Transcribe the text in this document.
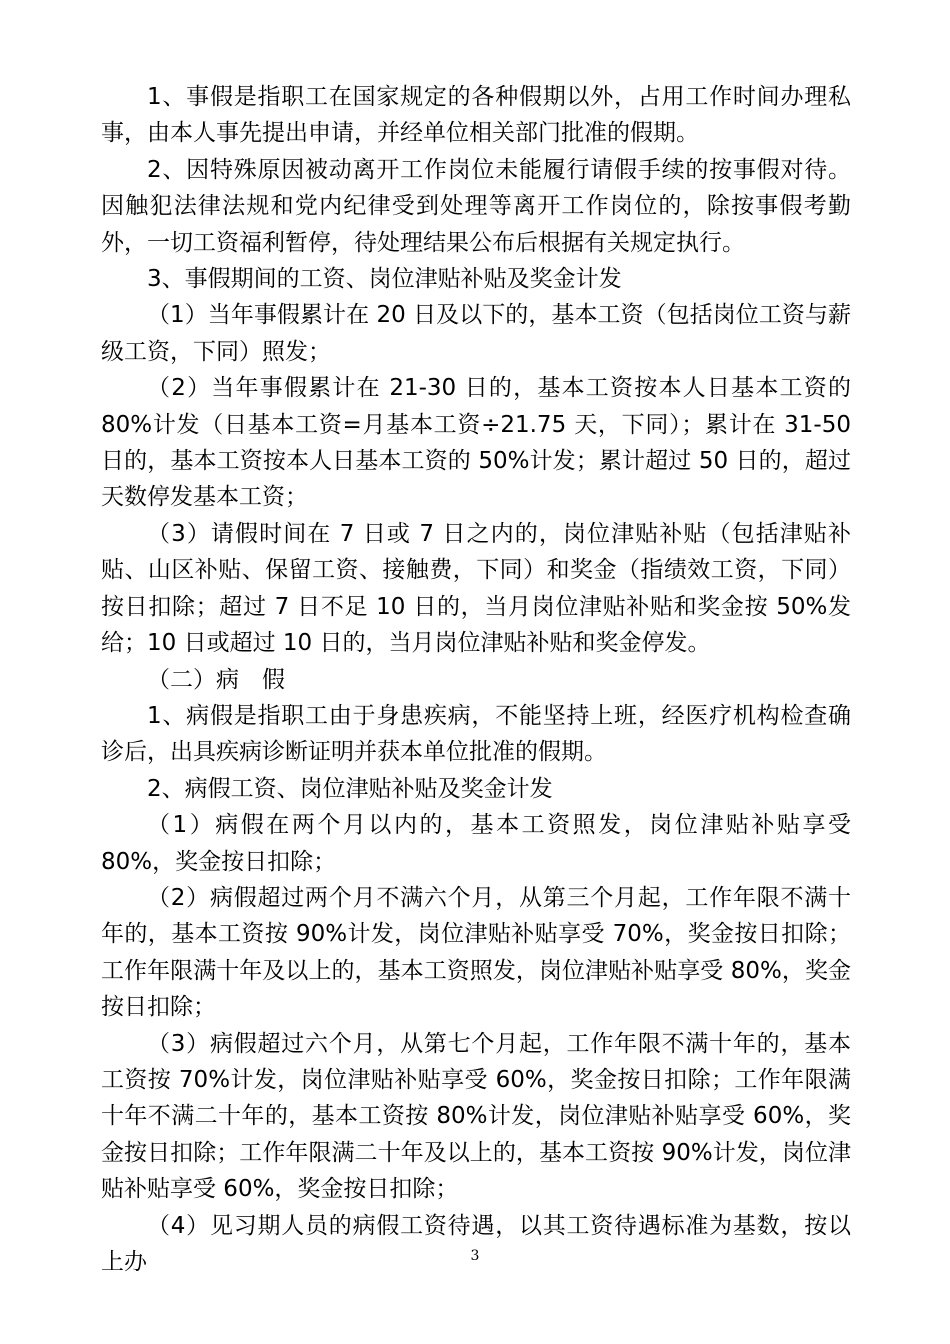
1、事假是指职工在国家规定的各种假期以外，占用工作时间办理私事，由本人事先提出申请，并经单位相关部门批准的假期。

2、因特殊原因被动离开工作岗位未能履行请假手续的按事假对待。因触犯法律法规和党内纪律受到处理等离开工作岗位的，除按事假考勤外，一切工资福利暂停，待处理结果公布后根据有关规定执行。

3、事假期间的工资、岗位津贴补贴及奖金计发

（1）当年事假累计在 20 日及以下的，基本工资（包括岗位工资与薪级工资，下同）照发；

（2）当年事假累计在 21-30 日的，基本工资按本人日基本工资的 80%计发（日基本工资=月基本工资÷21.75 天，下同）；累计在 31-50 日的，基本工资按本人日基本工资的 50%计发；累计超过 50 日的，超过天数停发基本工资；

（3）请假时间在 7 日或 7 日之内的，岗位津贴补贴（包括津贴补贴、山区补贴、保留工资、接触费，下同）和奖金（指绩效工资，下同）按日扣除；超过 7 日不足 10 日的，当月岗位津贴补贴和奖金按 50%发给；10 日或超过 10 日的，当月岗位津贴补贴和奖金停发。

（二）病　假

1、病假是指职工由于身患疾病，不能坚持上班，经医疗机构检查确诊后，出具疾病诊断证明并获本单位批准的假期。

2、病假工资、岗位津贴补贴及奖金计发

（1）病假在两个月以内的，基本工资照发，岗位津贴补贴享受 80%，奖金按日扣除；

（2）病假超过两个月不满六个月，从第三个月起，工作年限不满十年的，基本工资按 90%计发，岗位津贴补贴享受 70%，奖金按日扣除；工作年限满十年及以上的，基本工资照发，岗位津贴补贴享受 80%，奖金按日扣除；

（3）病假超过六个月，从第七个月起，工作年限不满十年的，基本工资按 70%计发，岗位津贴补贴享受 60%，奖金按日扣除；工作年限满十年不满二十年的，基本工资按 80%计发，岗位津贴补贴享受 60%，奖金按日扣除；工作年限满二十年及以上的，基本工资按 90%计发，岗位津贴补贴享受 60%，奖金按日扣除；

（4）见习期人员的病假工资待遇，以其工资待遇标准为基数，按以上办	3
